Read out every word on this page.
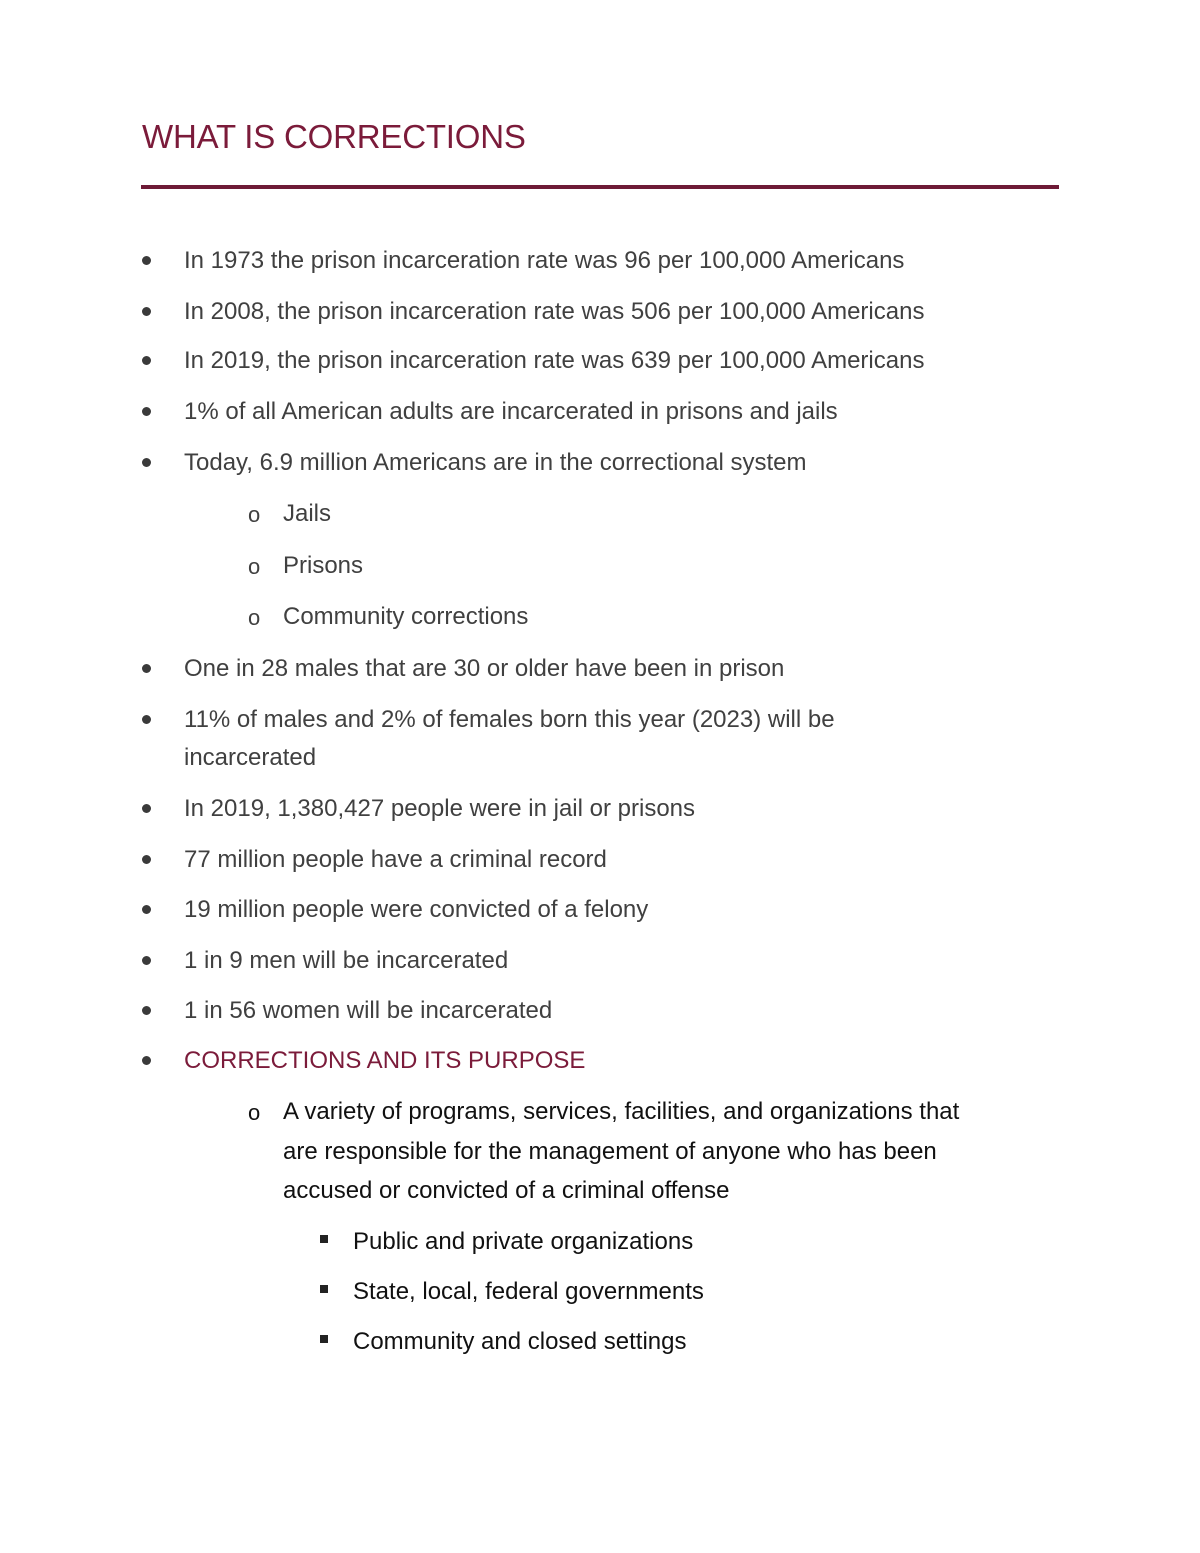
WHAT IS CORRECTIONS
In 1973 the prison incarceration rate was 96 per 100,000 Americans
In 2008, the prison incarceration rate was 506 per 100,000 Americans
In 2019, the prison incarceration rate was 639 per 100,000 Americans
1% of all American adults are incarcerated in prisons and jails
Today, 6.9 million Americans are in the correctional system
o Jails
o Prisons
o Community corrections
One in 28 males that are 30 or older have been in prison
11% of males and 2% of females born this year (2023) will be
incarcerated
In 2019, 1,380,427 people were in jail or prisons
77 million people have a criminal record
19 million people were convicted of a felony
1 in 9 men will be incarcerated
1 in 56 women will be incarcerated
CORRECTIONS AND ITS PURPOSE
o A variety of programs, services, facilities, and organizations that
are responsible for the management of anyone who has been
accused or convicted of a criminal offense
Public and private organizations
State, local, federal governments
Community and closed settings
